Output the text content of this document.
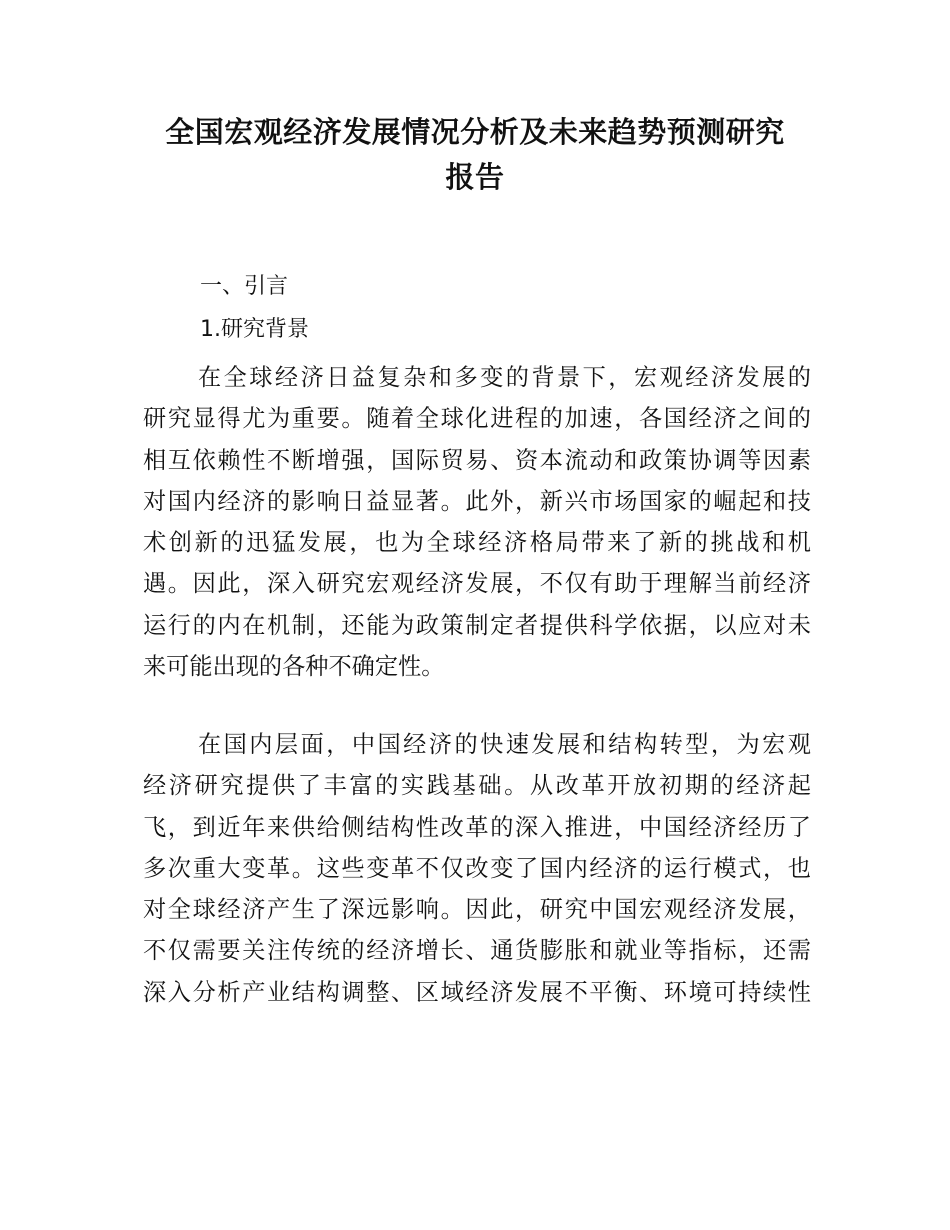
全国宏观经济发展情况分析及未来趋势预测研究
报告
一、引言
1.研究背景
在全球经济日益复杂和多变的背景下，宏观经济发展的
研究显得尤为重要。随着全球化进程的加速，各国经济之间的
相互依赖性不断增强，国际贸易、资本流动和政策协调等因素
对国内经济的影响日益显著。此外，新兴市场国家的崛起和技
术创新的迅猛发展，也为全球经济格局带来了新的挑战和机
遇。因此，深入研究宏观经济发展，不仅有助于理解当前经济
运行的内在机制，还能为政策制定者提供科学依据，以应对未
来可能出现的各种不确定性。
在国内层面，中国经济的快速发展和结构转型，为宏观
经济研究提供了丰富的实践基础。从改革开放初期的经济起
飞，到近年来供给侧结构性改革的深入推进，中国经济经历了
多次重大变革。这些变革不仅改变了国内经济的运行模式，也
对全球经济产生了深远影响。因此，研究中国宏观经济发展，
不仅需要关注传统的经济增长、通货膨胀和就业等指标，还需
深入分析产业结构调整、区域经济发展不平衡、环境可持续性
